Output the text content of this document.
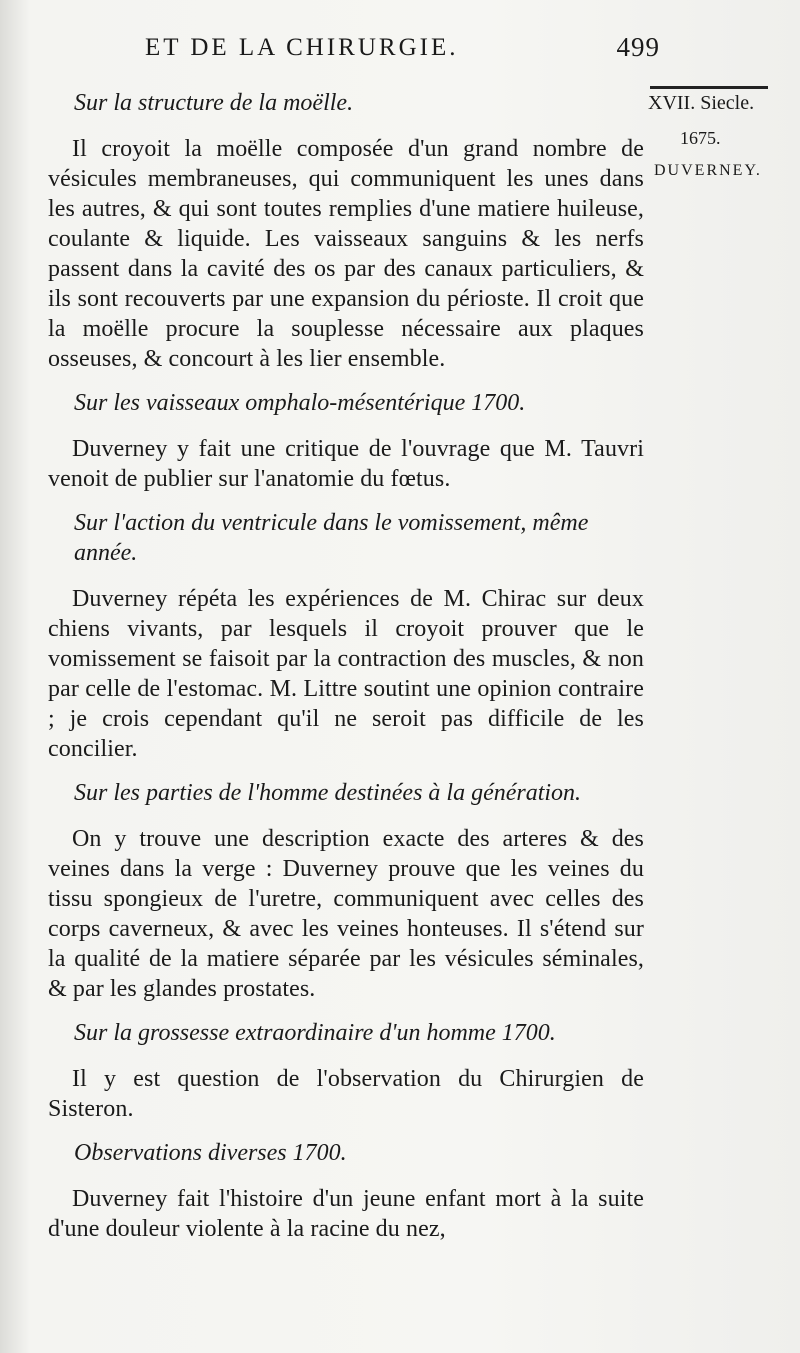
ET DE LA CHIRURGIE.	499
XVII. Siecle.
1675.
DUVERNEY.
Sur la structure de la moëlle.

Il croyoit la moëlle composée d'un grand nombre de vésicules membraneuses, qui communiquent les unes dans les autres, & qui sont toutes remplies d'une matiere huileuse, coulante & liquide. Les vaisseaux sanguins & les nerfs passent dans la cavité des os par des canaux particuliers, & ils sont recouverts par une expansion du périoste. Il croit que la moëlle procure la souplesse nécessaire aux plaques osseuses, & concourt à les lier ensemble.

Sur les vaisseaux omphalo-mésentérique 1700.

Duverney y fait une critique de l'ouvrage que M. Tauvri venoit de publier sur l'anatomie du fœtus.

Sur l'action du ventricule dans le vomissement, même année.

Duverney répéta les expériences de M. Chirac sur deux chiens vivants, par lesquels il croyoit prouver que le vomissement se faisoit par la contraction des muscles, & non par celle de l'estomac. M. Littre soutint une opinion contraire ; je crois cependant qu'il ne seroit pas difficile de les concilier.

Sur les parties de l'homme destinées à la génération.

On y trouve une description exacte des arteres & des veines dans la verge : Duverney prouve que les veines du tissu spongieux de l'uretre, communiquent avec celles des corps caverneux, & avec les veines honteuses. Il s'étend sur la qualité de la matiere séparée par les vésicules séminales, & par les glandes prostates.

Sur la grossesse extraordinaire d'un homme 1700.

Il y est question de l'observation du Chirurgien de Sisteron.

Observations diverses 1700.

Duverney fait l'histoire d'un jeune enfant mort à la suite d'une douleur violente à la racine du nez,
